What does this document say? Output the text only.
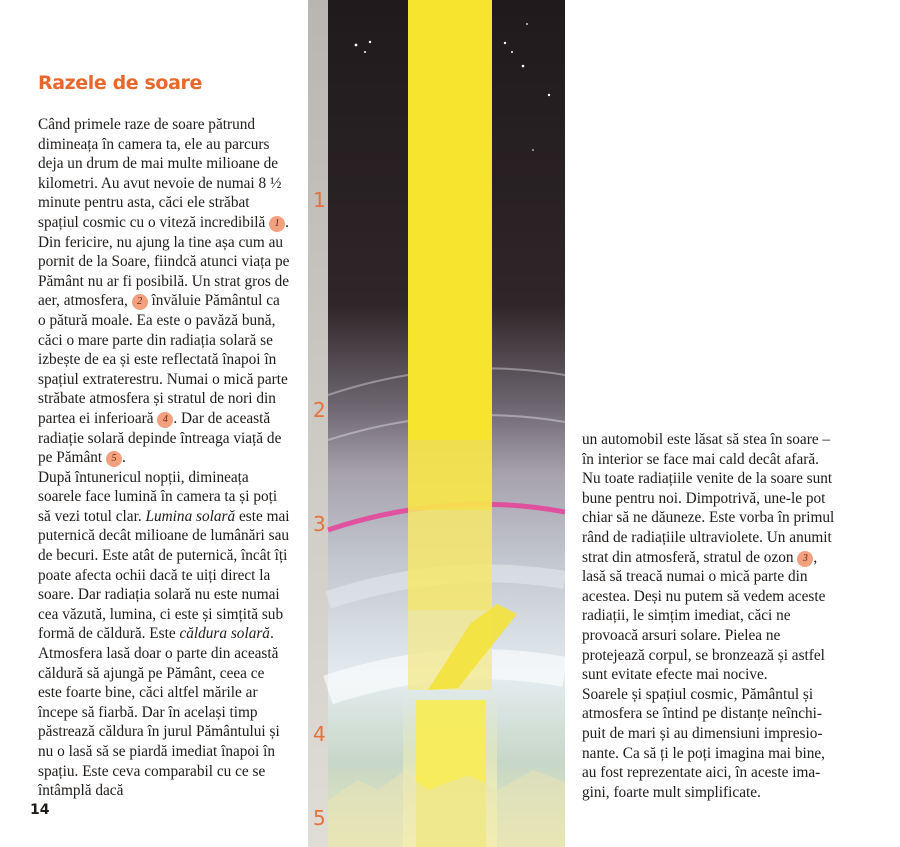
Razele de soare

Când primele raze de soare pătrund dimineața în camera ta, ele au parcurs deja un drum de mai multe milioane de kilometri. Au avut nevoie de numai 8 ½ minute pentru asta, căci ele străbat spațiul cosmic cu o viteză incredibilă 1 . Din fericire, nu ajung la tine așa cum au pornit de la Soare, fiindcă atunci viața pe Pământ nu ar fi posibilă. Un strat gros de aer, atmosfera, 2 învăluie Pământul ca o pătură moale. Ea este o pavăză bună, căci o mare parte din radiația solară se izbește de ea și este reflectată înapoi în spațiul extraterestru. Numai o mică parte străbate atmosfera și stratul de nori din partea ei inferioară 4 . Dar de această radiație solară depinde întreaga viață de pe Pământ 5 .

După întunericul nopții, dimineața soarele face lumină în camera ta și poți să vezi totul clar. Lumina solară este mai puternică decât milioane de lumânări sau de becuri. Este atât de puternică, încât îți poate afecta ochii dacă te uiți direct la soare. Dar radiația solară nu este numai cea văzută, lumina, ci este și simțită sub formă de căldură. Este căldura solară. Atmosfera lasă doar o parte din această căldură să ajungă pe Pământ, ceea ce este foarte bine, căci altfel mările ar începe să fiarbă. Dar în același timp păstrează căldura în jurul Pământului și nu o lasă să se piardă imediat înapoi în spațiu. Este ceva comparabil cu ce se întâmplă dacă

un automobil este lăsat să stea în soare – în interior se face mai cald decât afară. Nu toate radiațiile venite de la soare sunt bune pentru noi. Dimpotrivă, une-le pot chiar să ne dăuneze. Este vorba în primul rând de radiațiile ultraviolete. Un anumit strat din atmosferă, stratul de ozon 3 , lasă să treacă numai o mică parte din acestea. Deși nu putem să vedem aceste radiații, le simțim imediat, căci ne provoacă arsuri solare. Pielea ne protejează corpul, se bronzează și astfel sunt evitate efecte mai nocive.

Soarele și spațiul cosmic, Pământul și atmosfera se întind pe distanțe neînchi-puit de mari și au dimensiuni impresio-nante. Ca să ți le poți imagina mai bine, au fost reprezentate aici, în aceste ima-gini, foarte mult simplificate.

14
1
2
3
4
5
